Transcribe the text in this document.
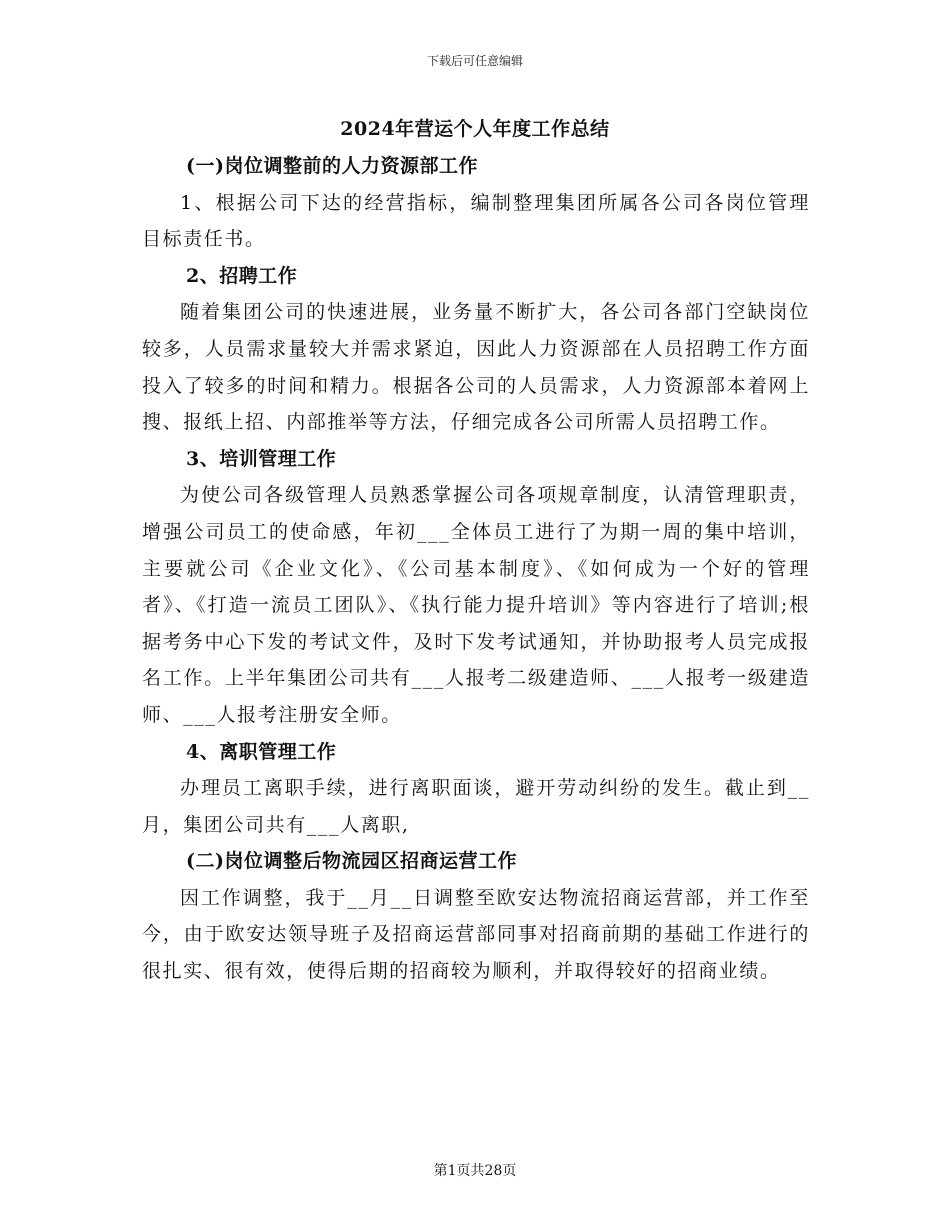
下载后可任意编辑
2024年营运个人年度工作总结
(一)岗位调整前的人力资源部工作

1、根据公司下达的经营指标，编制整理集团所属各公司各岗位管理目标责任书。

2、招聘工作

随着集团公司的快速进展，业务量不断扩大，各公司各部门空缺岗位较多，人员需求量较大并需求紧迫，因此人力资源部在人员招聘工作方面投入了较多的时间和精力。根据各公司的人员需求，人力资源部本着网上搜、报纸上招、内部推举等方法，仔细完成各公司所需人员招聘工作。

3、培训管理工作

为使公司各级管理人员熟悉掌握公司各项规章制度，认清管理职责，增强公司员工的使命感，年初___全体员工进行了为期一周的集中培训，主要就公司《企业文化》、《公司基本制度》、《如何成为一个好的管理者》、《打造一流员工团队》、《执行能力提升培训》等内容进行了培训;根据考务中心下发的考试文件，及时下发考试通知，并协助报考人员完成报名工作。上半年集团公司共有___人报考二级建造师、___人报考一级建造师、___人报考注册安全师。

4、离职管理工作

办理员工离职手续，进行离职面谈，避开劳动纠纷的发生。截止到__月，集团公司共有___人离职,

(二)岗位调整后物流园区招商运营工作

因工作调整，我于__月__日调整至欧安达物流招商运营部，并工作至今，由于欧安达领导班子及招商运营部同事对招商前期的基础工作进行的很扎实、很有效，使得后期的招商较为顺利，并取得较好的招商业绩。

第1页共28页
